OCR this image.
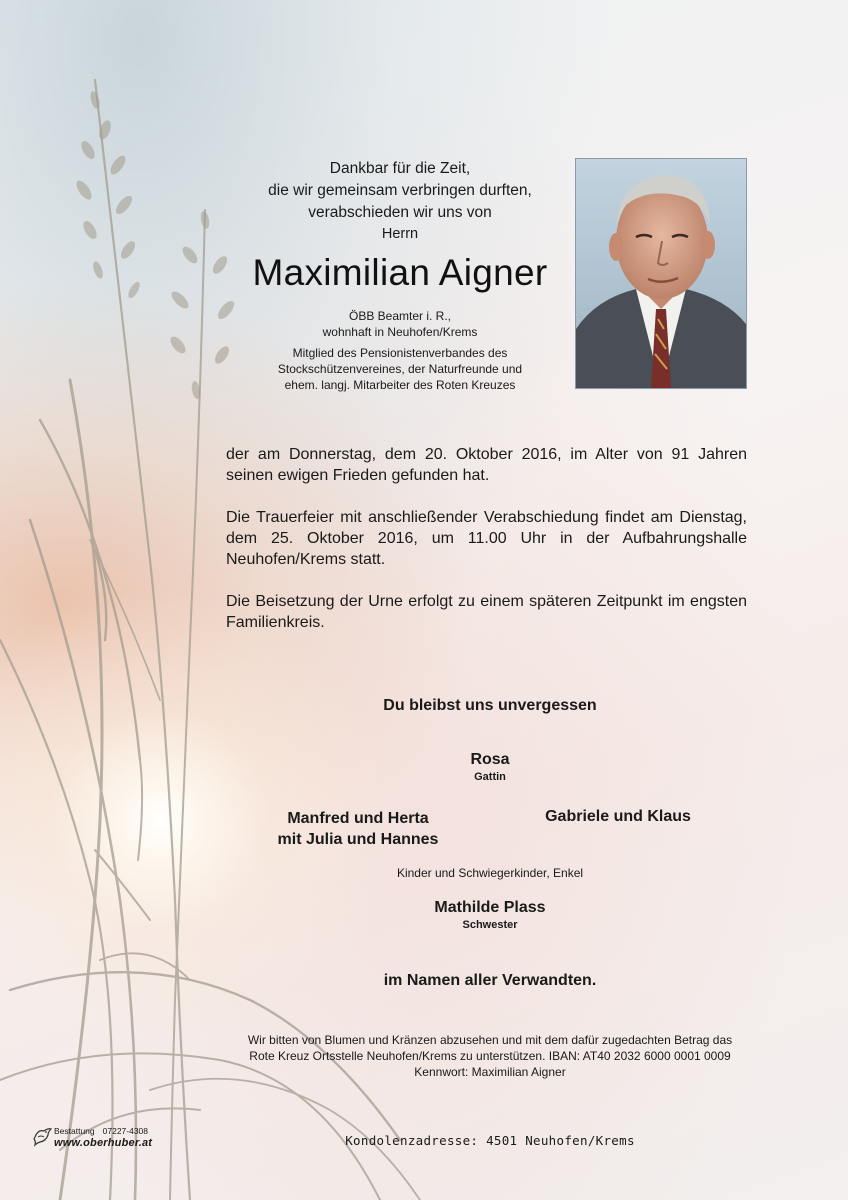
Dankbar für die Zeit,
die wir gemeinsam verbringen durften,
verabschieden wir uns von
Herrn
Maximilian Aigner
ÖBB Beamter i. R.,
wohnhaft in Neuhofen/Krems
Mitglied des Pensionistenverbandes des
Stockschützenvereines, der Naturfreunde und
ehem. langj. Mitarbeiter des Roten Kreuzes
der am Donnerstag, dem 20. Oktober 2016, im Alter von 91 Jahren seinen ewigen Frieden gefunden hat.
Die Trauerfeier mit anschließender Verabschiedung findet am Dienstag, dem 25. Oktober 2016, um 11.00 Uhr in der Aufbahrungshalle Neuhofen/Krems statt.
Die Beisetzung der Urne erfolgt zu einem späteren Zeitpunkt im engsten Familienkreis.
Du bleibst uns unvergessen
Rosa
Gattin
Manfred und Herta
mit Julia und Hannes
Gabriele und Klaus
Kinder und Schwiegerkinder, Enkel
Mathilde Plass
Schwester
im Namen aller Verwandten.
Wir bitten von Blumen und Kränzen abzusehen und mit dem dafür zugedachten Betrag das
Rote Kreuz Ortsstelle Neuhofen/Krems zu unterstützen. IBAN: AT40 2032 6000 0001 0009
Kennwort: Maximilian Aigner
Kondolenzadresse: 4501 Neuhofen/Krems
Bestattung 07227-4308
www.oberhuber.at
